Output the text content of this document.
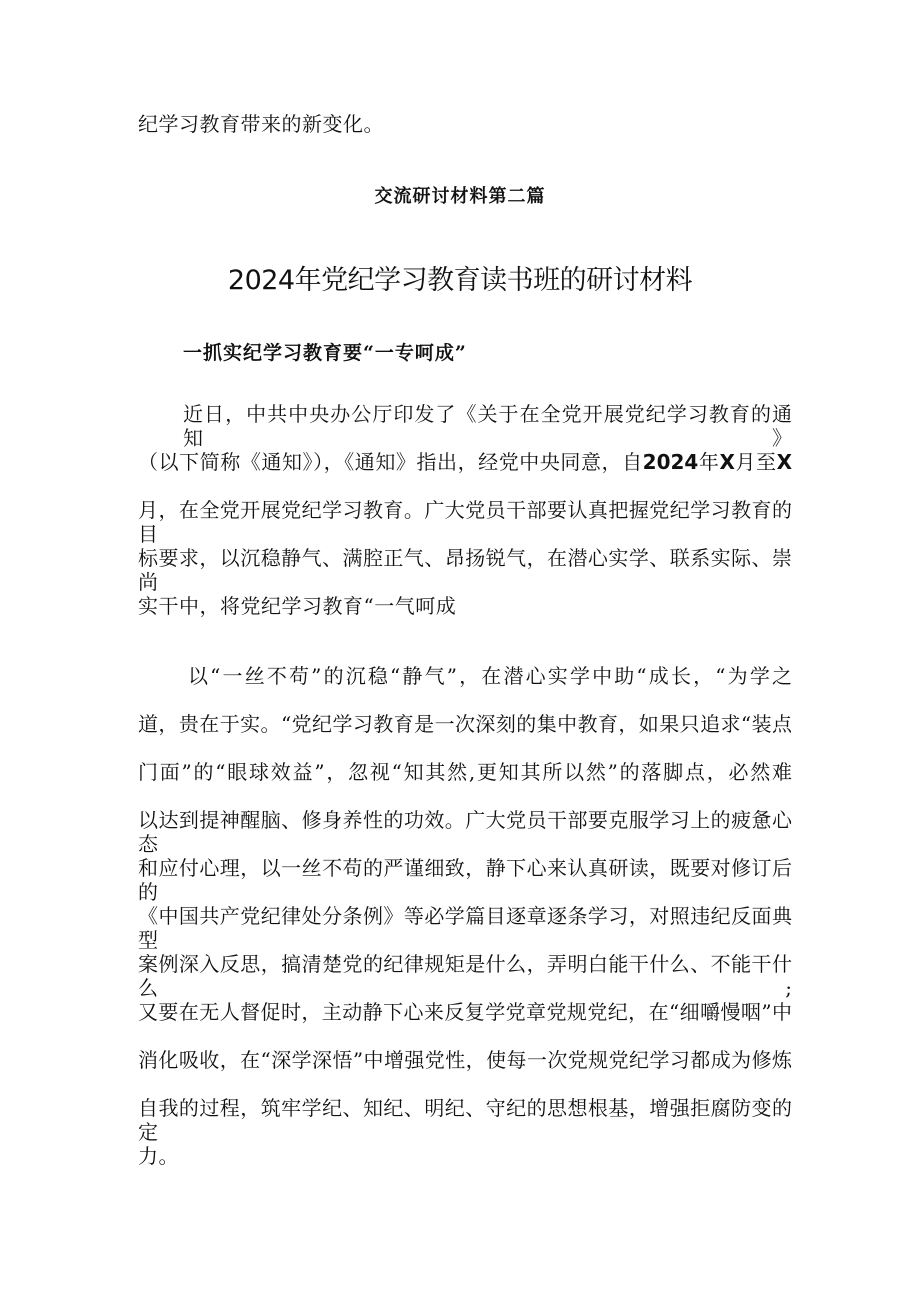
纪学习教育带来的新变化。
交流研讨材料第二篇
2024年党纪学习教育读书班的研讨材料
一抓实纪学习教育要“一专呵成”
近日，中共中央办公厅印发了《关于在全党开展党纪学习教育的通知》
（以下简称《通知》），《通知》指出，经党中央同意，自2024年X月至X
月，在全党开展党纪学习教育。广大党员干部要认真把握党纪学习教育的目
标要求，以沉稳静气、满腔正气、昂扬锐气，在潜心实学、联系实际、崇尚
实干中，将党纪学习教育“一气呵成
以“一丝不苟”的沉稳“静气”，在潜心实学中助“成长，“为学之
道，贵在于实。“党纪学习教育是一次深刻的集中教育，如果只追求“装点
门面”的“眼球效益”，忽视“知其然,更知其所以然”的落脚点，必然难
以达到提神醒脑、修身养性的功效。广大党员干部要克服学习上的疲惫心态
和应付心理，以一丝不苟的严谨细致，静下心来认真研读，既要对修订后的
《中国共产党纪律处分条例》等必学篇目逐章逐条学习，对照违纪反面典型
案例深入反思，搞清楚党的纪律规矩是什么，弄明白能干什么、不能干什么;
又要在无人督促时，主动静下心来反复学党章党规党纪，在“细嚼慢咽”中
消化吸收，在“深学深悟”中增强党性，使每一次党规党纪学习都成为修炼
自我的过程，筑牢学纪、知纪、明纪、守纪的思想根基，增强拒腐防变的定
力。
